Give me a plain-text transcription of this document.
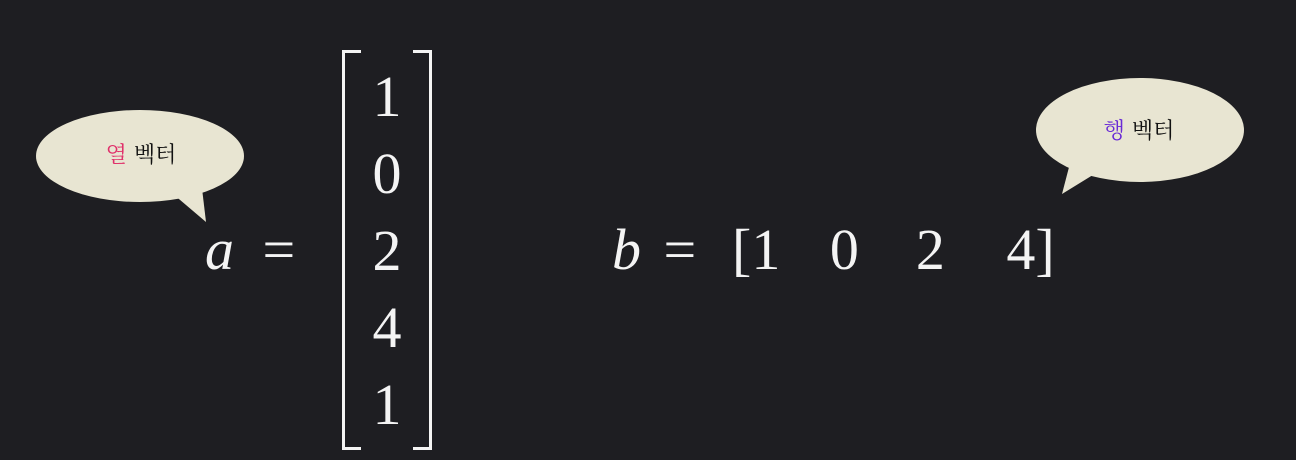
열 벡터
행 벡터
a =
1
0
2
4
1
b = [1 0 2 4]
